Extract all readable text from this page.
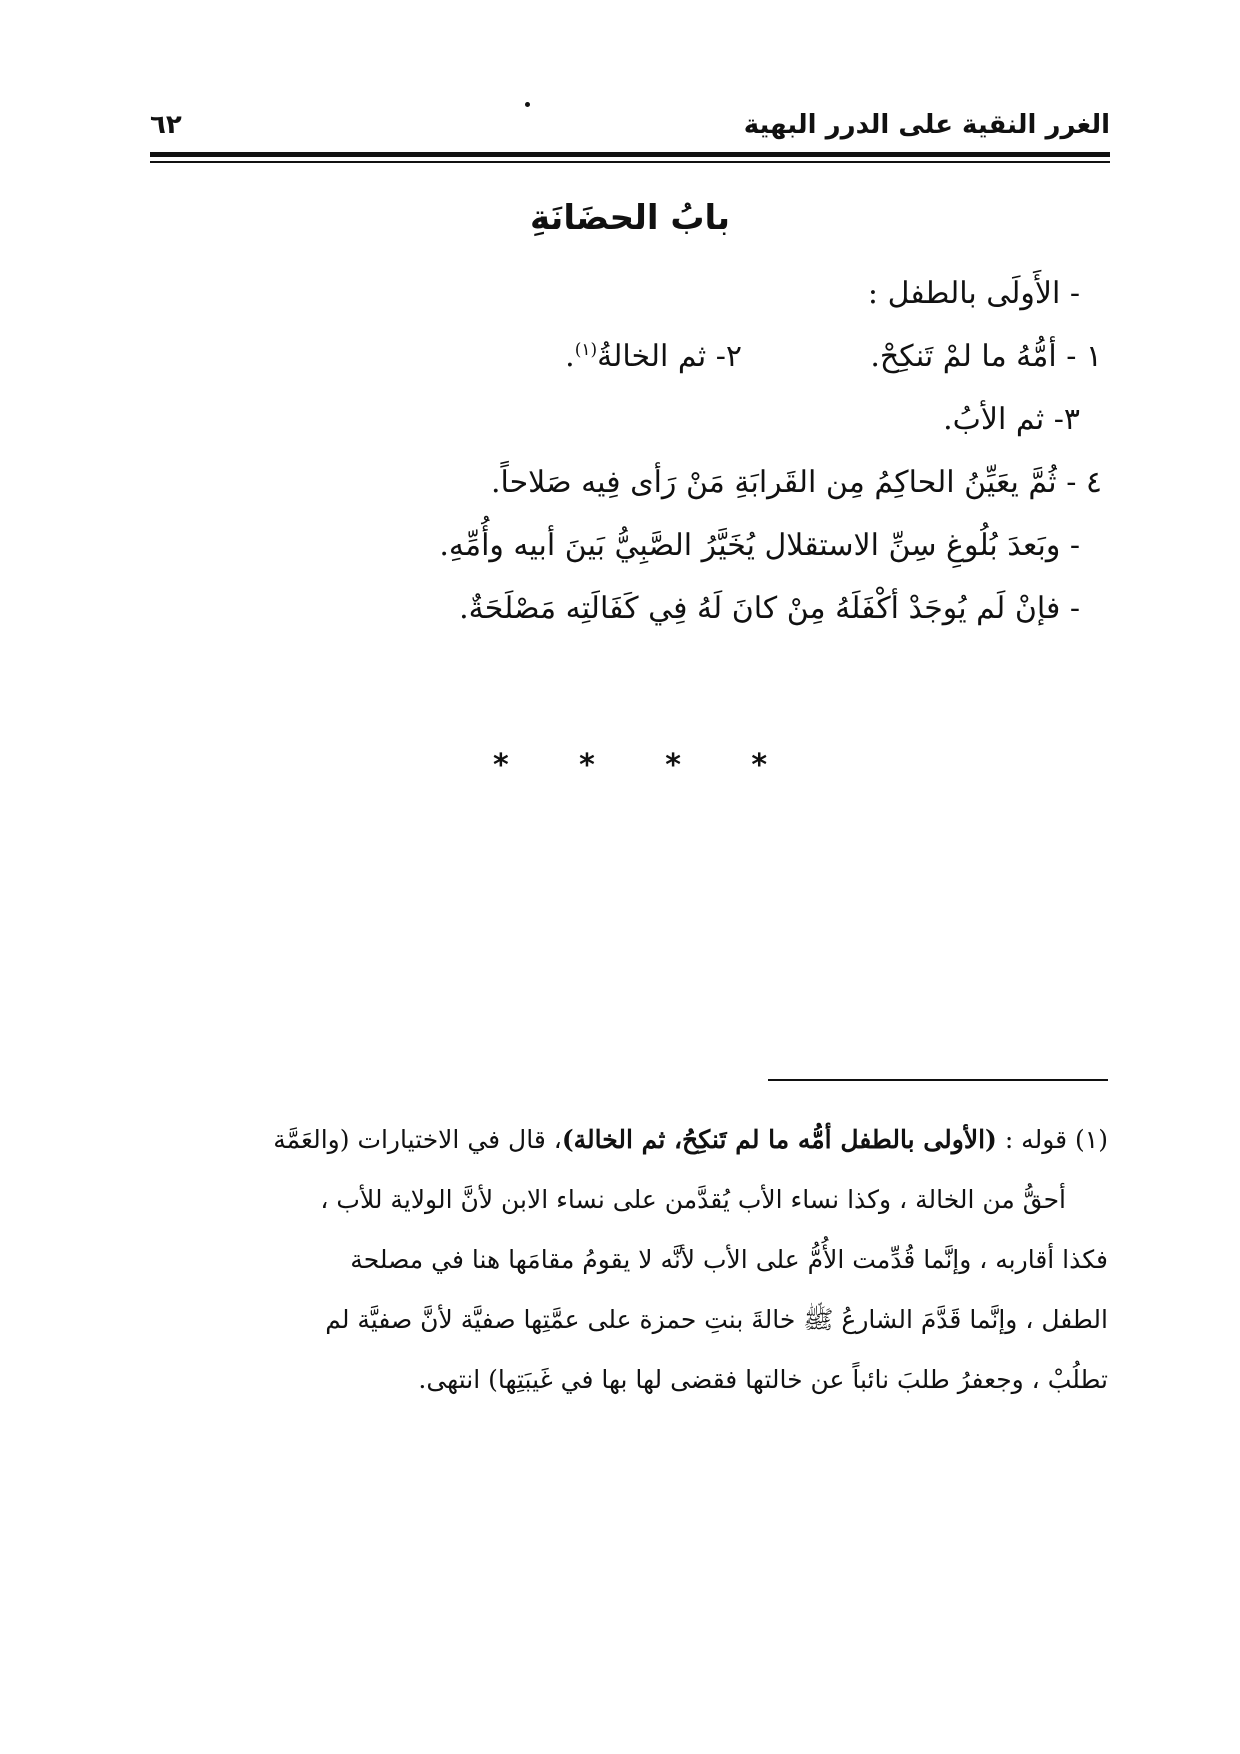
الغرر النقية على الدرر البهية
٦٢
بابُ الحضَانَةِ
- الأَولَى بالطفل :
١ - أمُّهُ ما لمْ تَنكِحْ.
٢- ثم الخالةُ$^{(١)}$.
٣- ثم الأبُ.
٤ - ثُمَّ يعَيِّنُ الحاكِمُ مِن القَرابَةِ مَنْ رَأى فِيه صَلاحاً.
- وبَعدَ بُلُوغِ سِنِّ الاستقلال يُخَيَّرُ الصَّبِيُّ بَينَ أبيه وأُمِّهِ.
- فإنْ لَم يُوجَدْ أكْفَلَهُ مِنْ كانَ لَهُ فِي كَفَالَتِه مَصْلَحَةٌ.
* * * *
(١) قوله : (الأولى بالطفل أمُّه ما لم تَنكِحُ، ثم الخالة)، قال في الاختيارات (والعَمَّة
أحقُّ من الخالة ، وكذا نساء الأب يُقدَّمن على نساء الابن لأنَّ الولاية للأب ،
فكذا أقاربه ، وإنَّما قُدِّمت الأُمُّ على الأب لأنَّه لا يقومُ مقامَها هنا في مصلحة
الطفل ، وإنَّما قَدَّمَ الشارعُ ﷺ خالةَ بنتِ حمزة على عمَّتِها صفيَّة لأنَّ صفيَّة لم
تطلُبْ ، وجعفرُ طلبَ نائباً عن خالتها فقضى لها بها في غَيبَتِها) انتهى.
